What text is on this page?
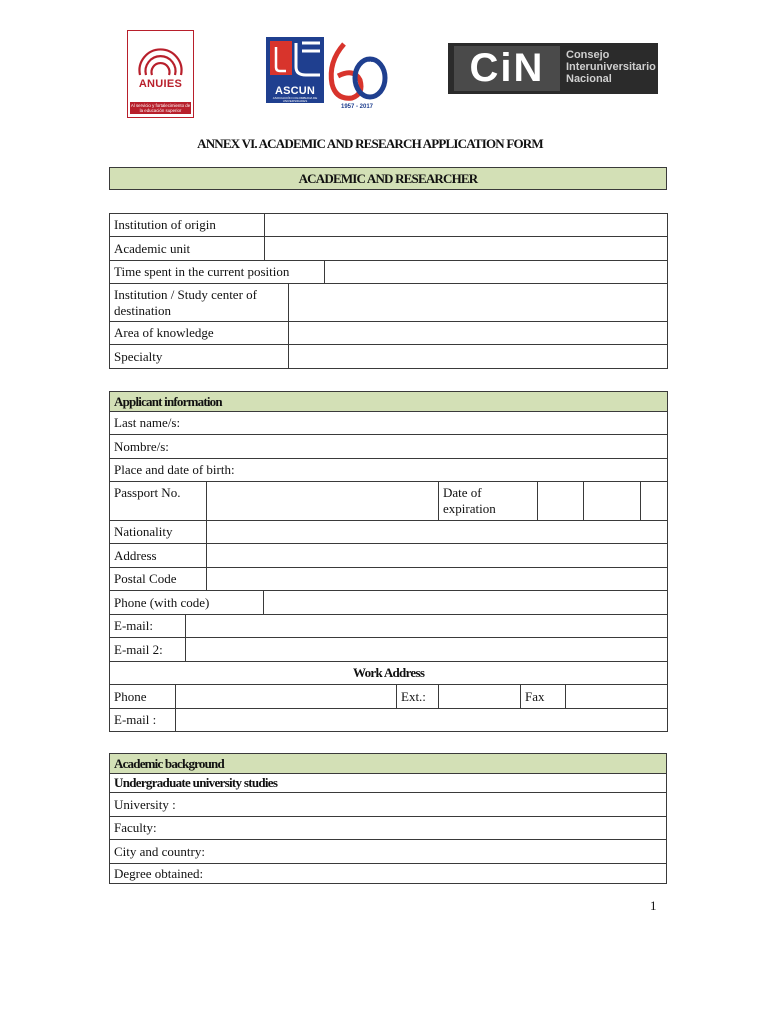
ANUIES
Al servicio y fortalecimiento de la educación superior
ASCUN
ASOCIACIÓN COLOMBIANA DE UNIVERSIDADES
AÑOS
1957 - 2017
CiN	Consejo
Interuniversitario
Nacional
ANNEX VI. ACADEMIC AND RESEARCH APPLICATION FORM
ACADEMIC AND RESEARCHER
Institution of origin			
Academic unit			
Time spent in the current position			
Institution / Study center of destination			
Area of knowledge			
Specialty			
Applicant information											
Last name/s:											
Nombre/s:											
Place and date of birth:											
Passport No.						Date of expiration					
Nationality											
Address											
Postal Code											
Phone (with code)											
E-mail:											
E-mail 2:											
Work Address											
Phone					Ext.:		Fax				
E-mail :											
Academic background
Undergraduate university studies
University :
Faculty:
City and country:
Degree obtained:
1
